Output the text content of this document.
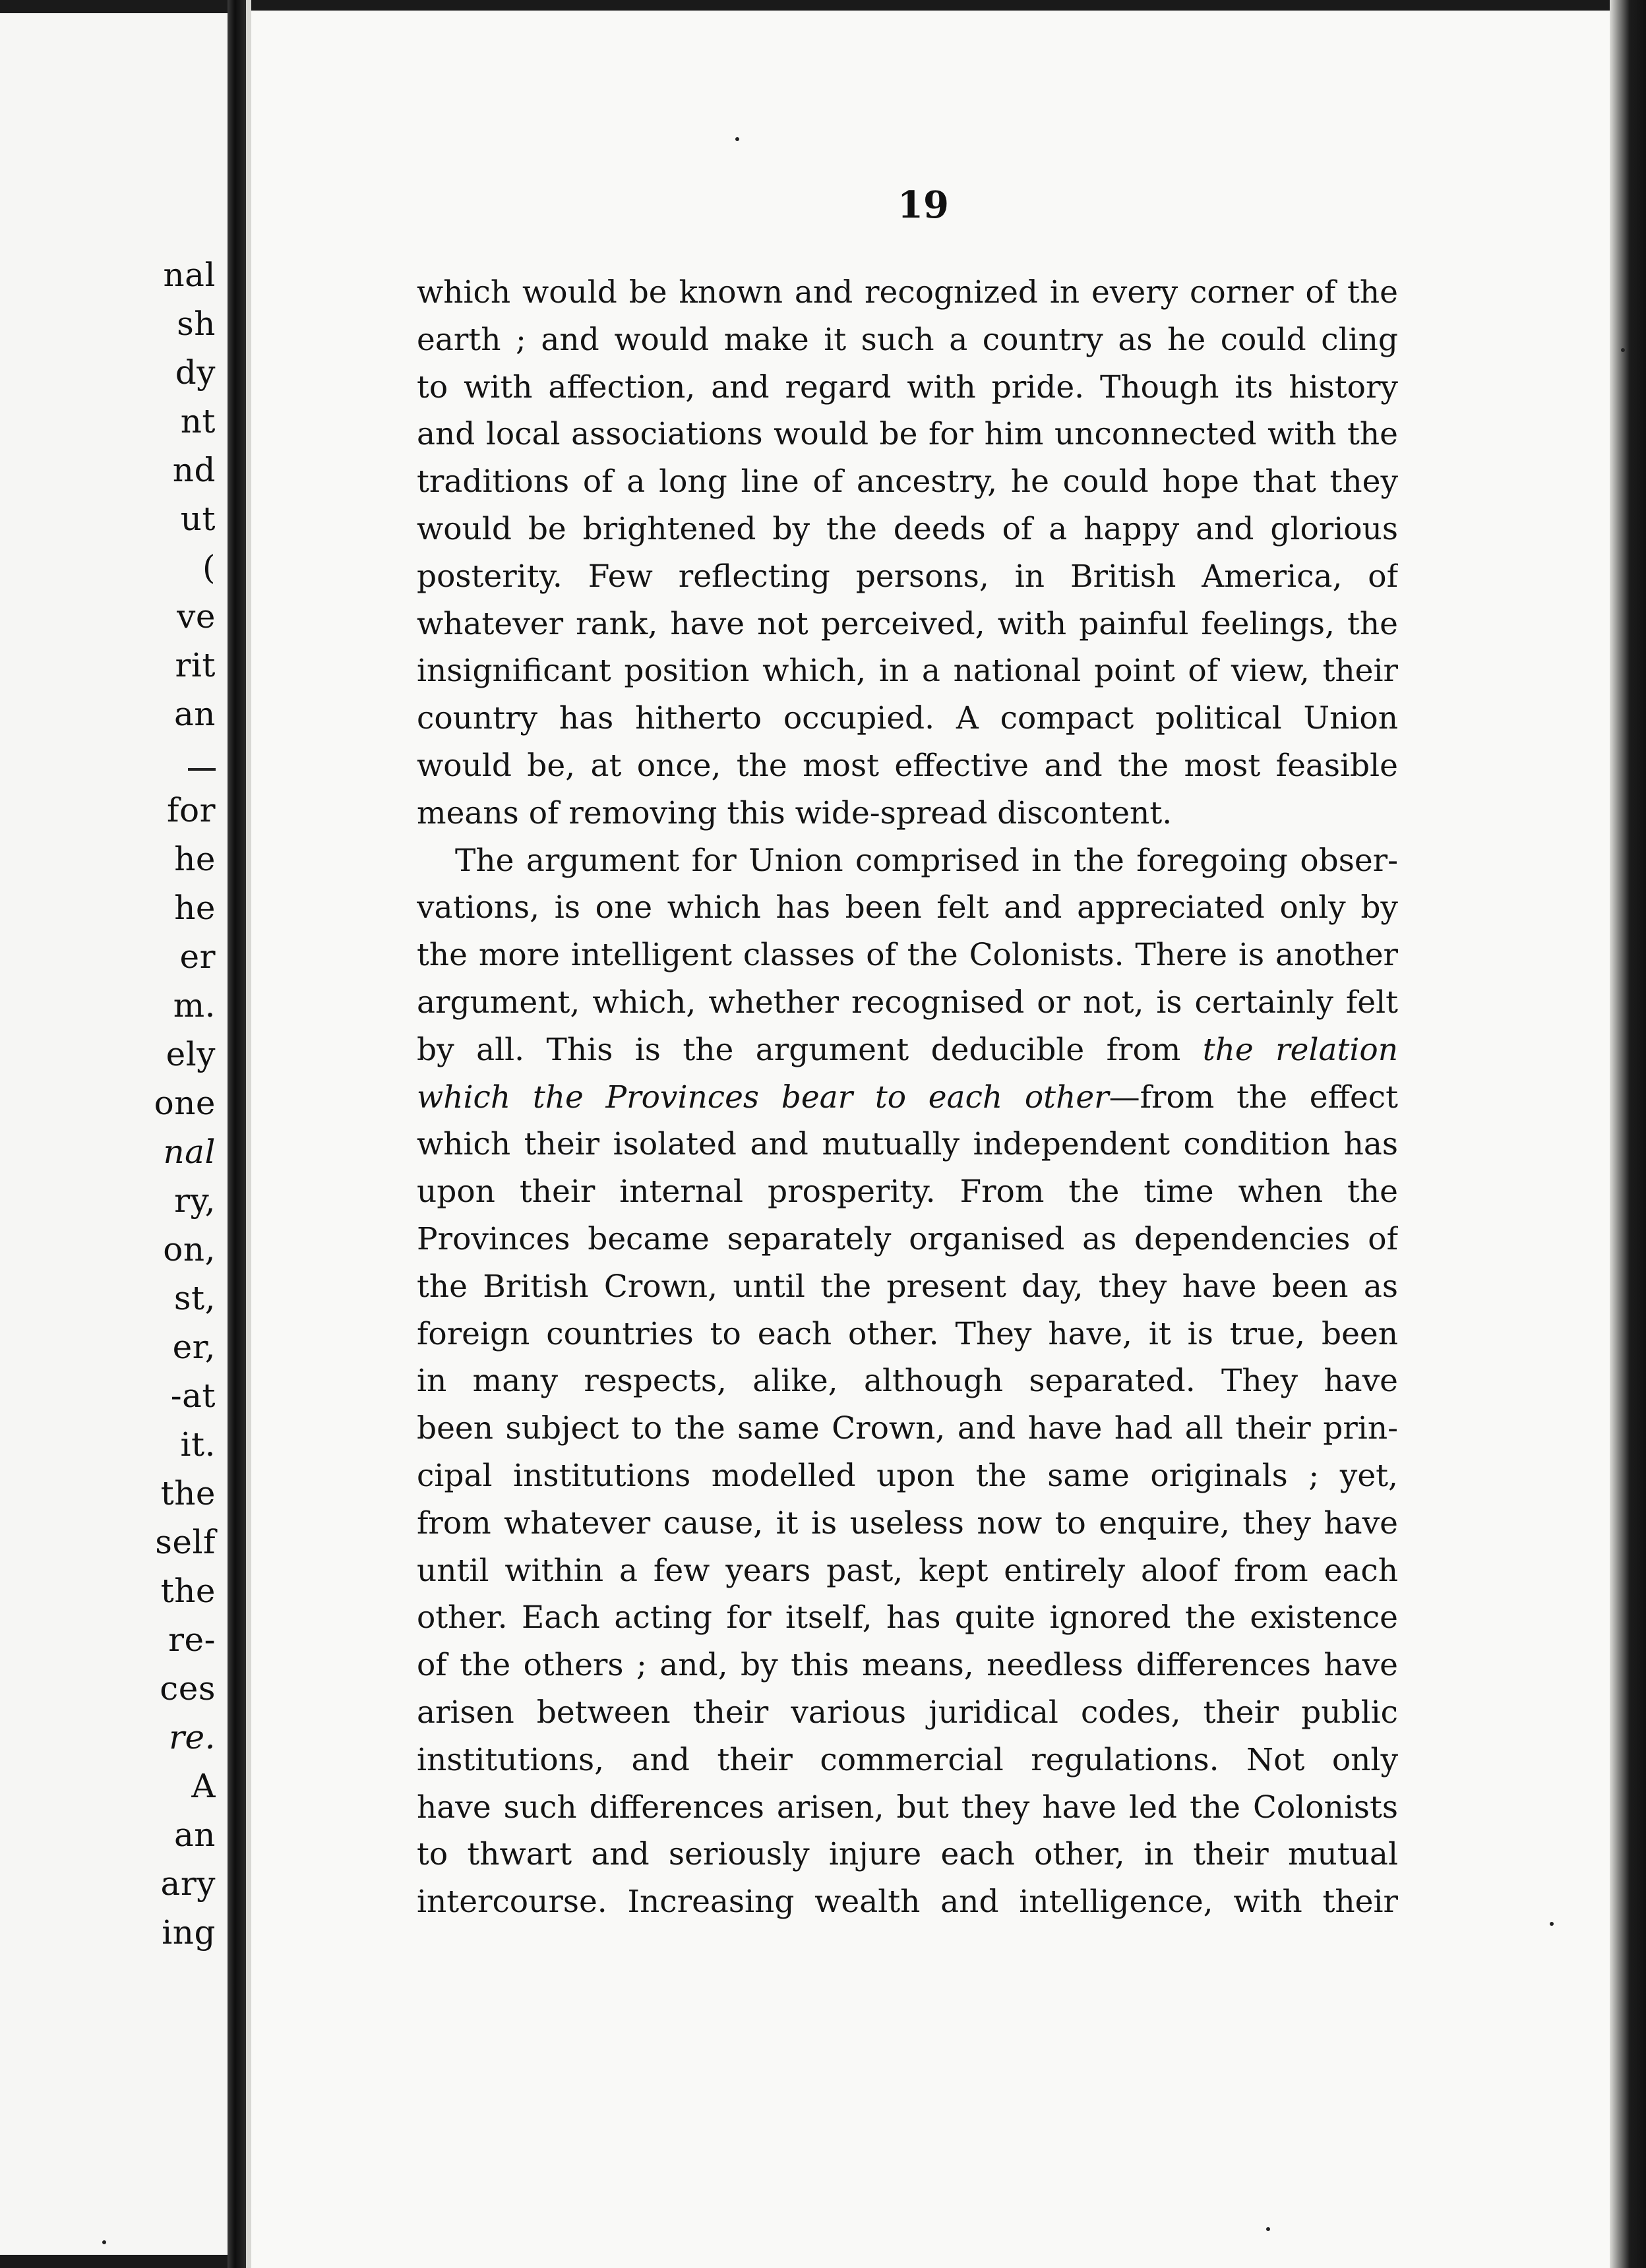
nal
sh
dy
nt
nd
ut
(
ve
rit
an
for
he
he
er
m.
ely
one
nal
ry,
on,
st,
er,
-at
it.
the
self
the
re-
ces
re.
A
an
ary
ing
19
which would be known and recognized in every corner of the
earth ; and would make it such a country as he could cling
to with affection, and regard with pride. Though its history
and local associations would be for him unconnected with the
traditions of a long line of ancestry, he could hope that they
would be brightened by the deeds of a happy and glorious
posterity. Few reflecting persons, in British America, of
whatever rank, have not perceived, with painful feelings, the
insignificant position which, in a national point of view, their
country has hitherto occupied. A compact political Union
would be, at once, the most effective and the most feasible
means of removing this wide-spread discontent.
The argument for Union comprised in the foregoing obser-
vations, is one which has been felt and appreciated only by
the more intelligent classes of the Colonists. There is another
argument, which, whether recognised or not, is certainly felt
by all. This is the argument deducible from the relation
which the Provinces bear to each other—from the effect
which their isolated and mutually independent condition has
upon their internal prosperity. From the time when the
Provinces became separately organised as dependencies of
the British Crown, until the present day, they have been as
foreign countries to each other. They have, it is true, been
in many respects, alike, although separated. They have
been subject to the same Crown, and have had all their prin-
cipal institutions modelled upon the same originals ; yet,
from whatever cause, it is useless now to enquire, they have
until within a few years past, kept entirely aloof from each
other. Each acting for itself, has quite ignored the existence
of the others ; and, by this means, needless differences have
arisen between their various juridical codes, their public
institutions, and their commercial regulations. Not only
have such differences arisen, but they have led the Colonists
to thwart and seriously injure each other, in their mutual
intercourse. Increasing wealth and intelligence, with their
